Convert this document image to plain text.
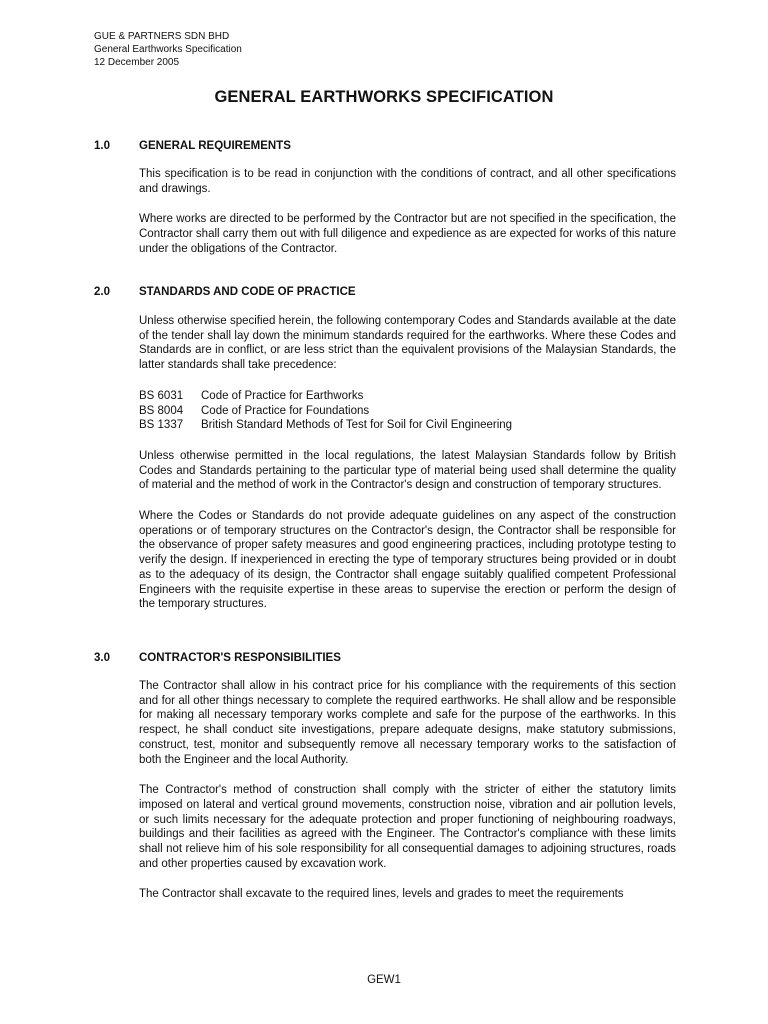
GUE & PARTNERS SDN BHD
General Earthworks Specification
12 December 2005
GENERAL EARTHWORKS SPECIFICATION
1.0	GENERAL REQUIREMENTS

This specification is to be read in conjunction with the conditions of contract, and all other specifications and drawings.

Where works are directed to be performed by the Contractor but are not specified in the specification, the Contractor shall carry them out with full diligence and expedience as are expected for works of this nature under the obligations of the Contractor.

2.0	STANDARDS AND CODE OF PRACTICE

Unless otherwise specified herein, the following contemporary Codes and Standards available at the date of the tender shall lay down the minimum standards required for the earthworks. Where these Codes and Standards are in conflict, or are less strict than the equivalent provisions of the Malaysian Standards, the latter standards shall take precedence:

BS 6031	Code of Practice for Earthworks
BS 8004	Code of Practice for Foundations
BS 1337	British Standard Methods of Test for Soil for Civil Engineering

Unless otherwise permitted in the local regulations, the latest Malaysian Standards follow by British Codes and Standards pertaining to the particular type of material being used shall determine the quality of material and the method of work in the Contractor's design and construction of temporary structures.

Where the Codes or Standards do not provide adequate guidelines on any aspect of the construction operations or of temporary structures on the Contractor's design, the Contractor shall be responsible for the observance of proper safety measures and good engineering practices, including prototype testing to verify the design. If inexperienced in erecting the type of temporary structures being provided or in doubt as to the adequacy of its design, the Contractor shall engage suitably qualified competent Professional Engineers with the requisite expertise in these areas to supervise the erection or perform the design of the temporary structures.

3.0	CONTRACTOR'S RESPONSIBILITIES

The Contractor shall allow in his contract price for his compliance with the requirements of this section and for all other things necessary to complete the required earthworks. He shall allow and be responsible for making all necessary temporary works complete and safe for the purpose of the earthworks. In this respect, he shall conduct site investigations, prepare adequate designs, make statutory submissions, construct, test, monitor and subsequently remove all necessary temporary works to the satisfaction of both the Engineer and the local Authority.

The Contractor's method of construction shall comply with the stricter of either the statutory limits imposed on lateral and vertical ground movements, construction noise, vibration and air pollution levels, or such limits necessary for the adequate protection and proper functioning of neighbouring roadways, buildings and their facilities as agreed with the Engineer. The Contractor's compliance with these limits shall not relieve him of his sole responsibility for all consequential damages to adjoining structures, roads and other properties caused by excavation work.

The Contractor shall excavate to the required lines, levels and grades to meet the requirements

GEW1
